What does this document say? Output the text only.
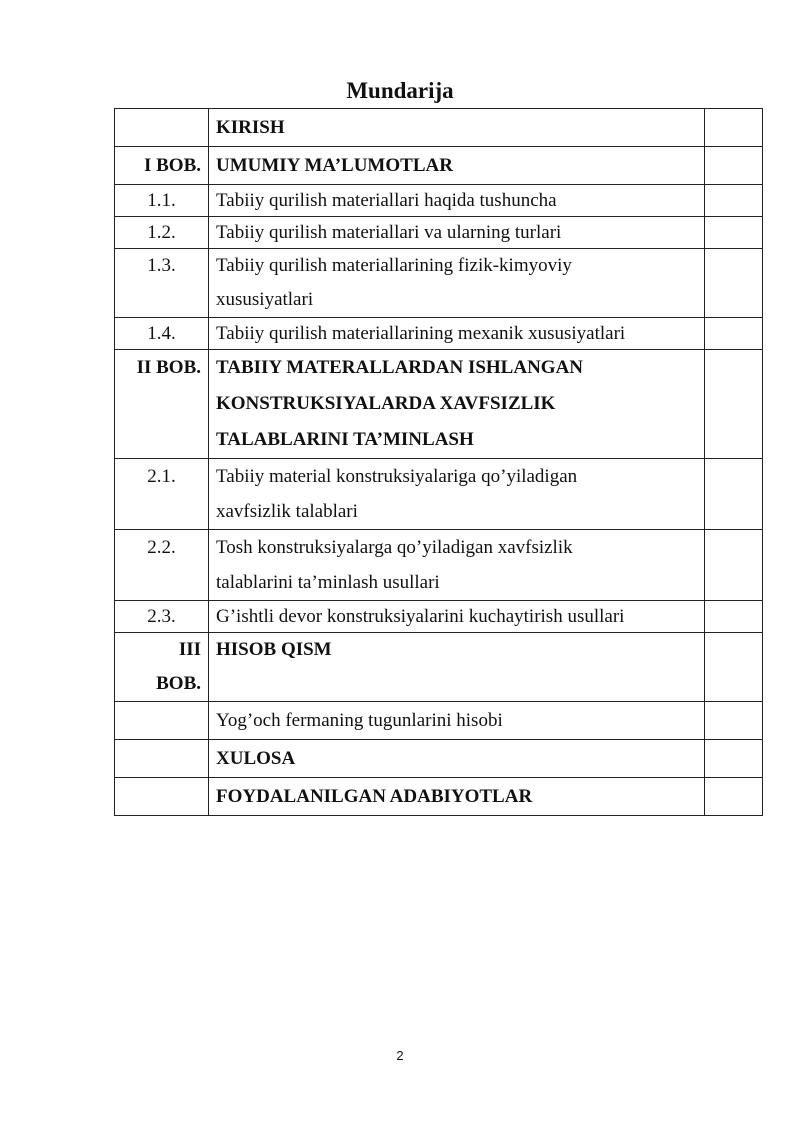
Mundarija
	KIRISH	
I BOB.	UMUMIY MA’LUMOTLAR	
1.1.	Tabiiy qurilish materiallari haqida tushuncha	
1.2.	Tabiiy qurilish materiallari va ularning turlari	
1.3.	Tabiiy qurilish materiallarining fizik-kimyoviy xususiyatlari	
1.4.	Tabiiy qurilish materiallarining mexanik xususiyatlari	
II BOB.	TABIIY MATERALLARDAN ISHLANGAN KONSTRUKSIYALARDA XAVFSIZLIK TALABLARINI TA’MINLASH	
2.1.	Tabiiy material konstruksiyalariga qo’yiladigan xavfsizlik talablari	
2.2.	Tosh konstruksiyalarga qo’yiladigan xavfsizlik talablarini ta’minlash usullari	
2.3.	G’ishtli devor konstruksiyalarini kuchaytirish usullari	
III BOB.	HISOB QISM	
	Yog’och fermaning tugunlarini hisobi	
	XULOSA	
	FOYDALANILGAN ADABIYOTLAR	
2
